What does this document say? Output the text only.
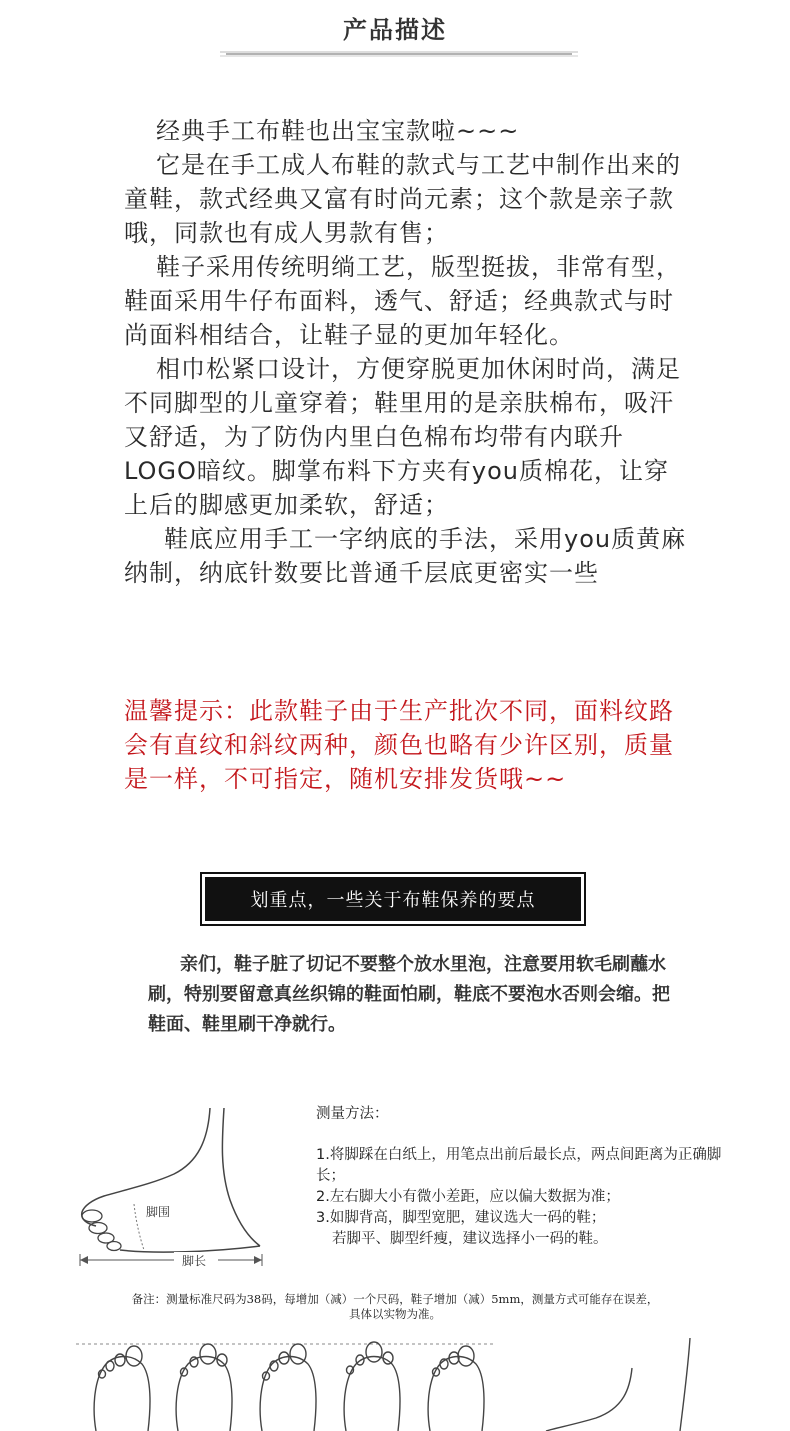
产品描述

经典手工布鞋也出宝宝款啦~~~

它是在手工成人布鞋的款式与工艺中制作出来的童鞋，款式经典又富有时尚元素；这个款是亲子款哦，同款也有成人男款有售；

鞋子采用传统明绱工艺，版型挺拔，非常有型，鞋面采用牛仔布面料，透气、舒适；经典款式与时尚面料相结合，让鞋子显的更加年轻化。

相巾松紧口设计，方便穿脱更加休闲时尚，满足不同脚型的儿童穿着；鞋里用的是亲肤棉布，吸汗又舒适，为了防伪内里白色棉布均带有内联升LOGO暗纹。脚掌布料下方夹有you质棉花，让穿上后的脚感更加柔软，舒适；

鞋底应用手工一字纳底的手法，采用you质黄麻纳制，纳底针数要比普通千层底更密实一些

温馨提示：此款鞋子由于生产批次不同，面料纹路会有直纹和斜纹两种，颜色也略有少许区别，质量是一样，不可指定，随机安排发货哦~~
划重点，一些关于布鞋保养的要点

亲们，鞋子脏了切记不要整个放水里泡，注意要用软毛刷蘸水刷，特别要留意真丝织锦的鞋面怕刷，鞋底不要泡水否则会缩。把鞋面、鞋里刷干净就行。

脚围
脚长

测量方法：

1.将脚踩在白纸上，用笔点出前后最长点，两点间距离为正确脚长；

2.左右脚大小有微小差距，应以偏大数据为准；

3.如脚背高，脚型宽肥，建议选大一码的鞋；

若脚平、脚型纤瘦，建议选择小一码的鞋。

备注：测量标准尺码为38码，每增加（减）一个尺码，鞋子增加（减）5mm，测量方式可能存在误差，
具体以实物为准。
